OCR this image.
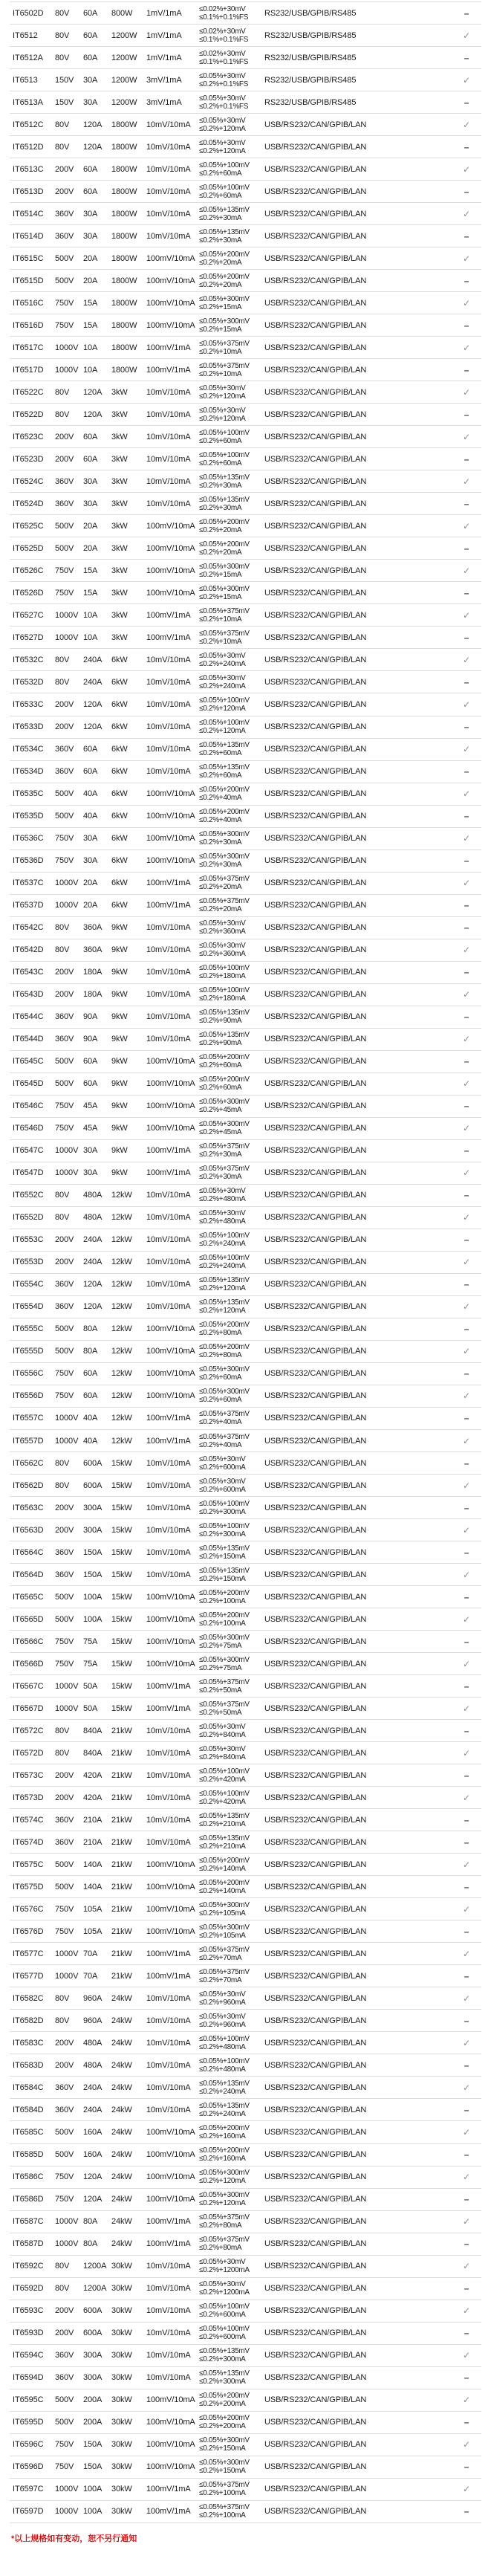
IT6502D	80V	60A	800W	1mV/1mA	≤0.02%+30mV
≤0.1%+0.1%FS	RS232/USB/GPIB/RS485	–
IT6512	80V	60A	1200W	1mV/1mA	≤0.02%+30mV
≤0.1%+0.1%FS	RS232/USB/GPIB/RS485	✓
IT6512A	80V	60A	1200W	1mV/1mA	≤0.02%+30mV
≤0.1%+0.1%FS	RS232/USB/GPIB/RS485	–
IT6513	150V	30A	1200W	3mV/1mA	≤0.05%+30mV
≤0.2%+0.1%FS	RS232/USB/GPIB/RS485	✓
IT6513A	150V	30A	1200W	3mV/1mA	≤0.05%+30mV
≤0.2%+0.1%FS	RS232/USB/GPIB/RS485	–
IT6512C	80V	120A	1800W	10mV/10mA	≤0.05%+30mV
≤0.2%+120mA	USB/RS232/CAN/GPIB/LAN	✓
IT6512D	80V	120A	1800W	10mV/10mA	≤0.05%+30mV
≤0.2%+120mA	USB/RS232/CAN/GPIB/LAN	–
IT6513C	200V	60A	1800W	10mV/10mA	≤0.05%+100mV
≤0.2%+60mA	USB/RS232/CAN/GPIB/LAN	✓
IT6513D	200V	60A	1800W	10mV/10mA	≤0.05%+100mV
≤0.2%+60mA	USB/RS232/CAN/GPIB/LAN	–
IT6514C	360V	30A	1800W	10mV/10mA	≤0.05%+135mV
≤0.2%+30mA	USB/RS232/CAN/GPIB/LAN	✓
IT6514D	360V	30A	1800W	10mV/10mA	≤0.05%+135mV
≤0.2%+30mA	USB/RS232/CAN/GPIB/LAN	–
IT6515C	500V	20A	1800W	100mV/10mA ≤0.05%+200mV
≤0.2%+20mA	USB/RS232/CAN/GPIB/LAN	✓
IT6515D	500V	20A	1800W	100mV/10mA ≤0.05%+200mV
≤0.2%+20mA	USB/RS232/CAN/GPIB/LAN	–
IT6516C	750V	15A	1800W	100mV/10mA ≤0.05%+300mV
≤0.2%+15mA	USB/RS232/CAN/GPIB/LAN	✓
IT6516D	750V	15A	1800W	100mV/10mA ≤0.05%+300mV
≤0.2%+15mA	USB/RS232/CAN/GPIB/LAN	–
IT6517C	1000V 10A	1800W	100mV/1mA	≤0.05%+375mV
≤0.2%+10mA	USB/RS232/CAN/GPIB/LAN	✓
IT6517D	1000V 10A	1800W	100mV/1mA	≤0.05%+375mV
≤0.2%+10mA	USB/RS232/CAN/GPIB/LAN	–
IT6522C	80V	120A	3kW	10mV/10mA	≤0.05%+30mV
≤0.2%+120mA	USB/RS232/CAN/GPIB/LAN	✓
IT6522D	80V	120A	3kW	10mV/10mA	≤0.05%+30mV
≤0.2%+120mA	USB/RS232/CAN/GPIB/LAN	–
IT6523C	200V	60A	3kW	10mV/10mA	≤0.05%+100mV
≤0.2%+60mA	USB/RS232/CAN/GPIB/LAN	✓
IT6523D	200V	60A	3kW	10mV/10mA	≤0.05%+100mV
≤0.2%+60mA	USB/RS232/CAN/GPIB/LAN	–
IT6524C	360V	30A	3kW	10mV/10mA	≤0.05%+135mV
≤0.2%+30mA	USB/RS232/CAN/GPIB/LAN	✓
IT6524D	360V	30A	3kW	10mV/10mA	≤0.05%+135mV
≤0.2%+30mA	USB/RS232/CAN/GPIB/LAN	–
IT6525C	500V	20A	3kW	100mV/10mA ≤0.05%+200mV
≤0.2%+20mA	USB/RS232/CAN/GPIB/LAN	✓
IT6525D	500V	20A	3kW	100mV/10mA ≤0.05%+200mV
≤0.2%+20mA	USB/RS232/CAN/GPIB/LAN	–
IT6526C	750V	15A	3kW	100mV/10mA ≤0.05%+300mV
≤0.2%+15mA	USB/RS232/CAN/GPIB/LAN	✓
IT6526D	750V	15A	3kW	100mV/10mA ≤0.05%+300mV
≤0.2%+15mA	USB/RS232/CAN/GPIB/LAN	–
IT6527C	1000V 10A	3kW	100mV/1mA	≤0.05%+375mV
≤0.2%+10mA	USB/RS232/CAN/GPIB/LAN	✓
IT6527D	1000V 10A	3kW	100mV/1mA	≤0.05%+375mV
≤0.2%+10mA	USB/RS232/CAN/GPIB/LAN	–
IT6532C	80V	240A	6kW	10mV/10mA	≤0.05%+30mV
≤0.2%+240mA	USB/RS232/CAN/GPIB/LAN	✓
IT6532D	80V	240A	6kW	10mV/10mA	≤0.05%+30mV
≤0.2%+240mA	USB/RS232/CAN/GPIB/LAN	–
IT6533C	200V	120A	6kW	10mV/10mA	≤0.05%+100mV
≤0.2%+120mA	USB/RS232/CAN/GPIB/LAN	✓
IT6533D	200V	120A	6kW	10mV/10mA	≤0.05%+100mV
≤0.2%+120mA	USB/RS232/CAN/GPIB/LAN	–
IT6534C	360V	60A	6kW	10mV/10mA	≤0.05%+135mV
≤0.2%+60mA	USB/RS232/CAN/GPIB/LAN	✓
IT6534D	360V	60A	6kW	10mV/10mA	≤0.05%+135mV
≤0.2%+60mA	USB/RS232/CAN/GPIB/LAN	–
IT6535C	500V	40A	6kW	100mV/10mA ≤0.05%+200mV
≤0.2%+40mA	USB/RS232/CAN/GPIB/LAN	✓
IT6535D	500V	40A	6kW	100mV/10mA ≤0.05%+200mV
≤0.2%+40mA	USB/RS232/CAN/GPIB/LAN	–
IT6536C	750V	30A	6kW	100mV/10mA ≤0.05%+300mV
≤0.2%+30mA	USB/RS232/CAN/GPIB/LAN	✓
IT6536D	750V	30A	6kW	100mV/10mA ≤0.05%+300mV
≤0.2%+30mA	USB/RS232/CAN/GPIB/LAN	–
IT6537C	1000V 20A	6kW	100mV/1mA	≤0.05%+375mV
≤0.2%+20mA	USB/RS232/CAN/GPIB/LAN	✓
IT6537D	1000V 20A	6kW	100mV/1mA	≤0.05%+375mV
≤0.2%+20mA	USB/RS232/CAN/GPIB/LAN	–
IT6542C	80V	360A	9kW	10mV/10mA	≤0.05%+30mV
≤0.2%+360mA	USB/RS232/CAN/GPIB/LAN	–
IT6542D	80V	360A	9kW	10mV/10mA	≤0.05%+30mV
≤0.2%+360mA	USB/RS232/CAN/GPIB/LAN	✓
IT6543C	200V	180A	9kW	10mV/10mA	≤0.05%+100mV
≤0.2%+180mA	USB/RS232/CAN/GPIB/LAN	–
IT6543D	200V	180A	9kW	10mV/10mA	≤0.05%+100mV
≤0.2%+180mA	USB/RS232/CAN/GPIB/LAN	✓
IT6544C	360V	90A	9kW	10mV/10mA	≤0.05%+135mV
≤0.2%+90mA	USB/RS232/CAN/GPIB/LAN	–
IT6544D	360V	90A	9kW	10mV/10mA	≤0.05%+135mV
≤0.2%+90mA	USB/RS232/CAN/GPIB/LAN	✓
IT6545C	500V	60A	9kW	100mV/10mA ≤0.05%+200mV
≤0.2%+60mA	USB/RS232/CAN/GPIB/LAN	–
IT6545D	500V	60A	9kW	100mV/10mA ≤0.05%+200mV
≤0.2%+60mA	USB/RS232/CAN/GPIB/LAN	✓
IT6546C	750V	45A	9kW	100mV/10mA ≤0.05%+300mV
≤0.2%+45mA	USB/RS232/CAN/GPIB/LAN	–
IT6546D	750V	45A	9kW	100mV/10mA ≤0.05%+300mV
≤0.2%+45mA	USB/RS232/CAN/GPIB/LAN	✓
IT6547C	1000V 30A	9kW	100mV/1mA	≤0.05%+375mV
≤0.2%+30mA	USB/RS232/CAN/GPIB/LAN	–
IT6547D	1000V 30A	9kW	100mV/1mA	≤0.05%+375mV
≤0.2%+30mA	USB/RS232/CAN/GPIB/LAN	✓
IT6552C	80V	480A	12kW	10mV/10mA	≤0.05%+30mV
≤0.2%+480mA	USB/RS232/CAN/GPIB/LAN	–
IT6552D	80V	480A	12kW	10mV/10mA	≤0.05%+30mV
≤0.2%+480mA	USB/RS232/CAN/GPIB/LAN	✓
IT6553C	200V	240A	12kW	10mV/10mA	≤0.05%+100mV
≤0.2%+240mA	USB/RS232/CAN/GPIB/LAN	–
IT6553D	200V	240A	12kW	10mV/10mA	≤0.05%+100mV
≤0.2%+240mA	USB/RS232/CAN/GPIB/LAN	✓
IT6554C	360V	120A	12kW	10mV/10mA	≤0.05%+135mV
≤0.2%+120mA	USB/RS232/CAN/GPIB/LAN	–
IT6554D	360V	120A	12kW	10mV/10mA	≤0.05%+135mV
≤0.2%+120mA	USB/RS232/CAN/GPIB/LAN	✓
IT6555C	500V	80A	12kW	100mV/10mA ≤0.05%+200mV
≤0.2%+80mA	USB/RS232/CAN/GPIB/LAN	–
IT6555D	500V	80A	12kW	100mV/10mA ≤0.05%+200mV
≤0.2%+80mA	USB/RS232/CAN/GPIB/LAN	✓
IT6556C	750V	60A	12kW	100mV/10mA ≤0.05%+300mV
≤0.2%+60mA	USB/RS232/CAN/GPIB/LAN	–
IT6556D	750V	60A	12kW	100mV/10mA ≤0.05%+300mV
≤0.2%+60mA	USB/RS232/CAN/GPIB/LAN	✓
IT6557C	1000V 40A	12kW	100mV/1mA	≤0.05%+375mV
≤0.2%+40mA	USB/RS232/CAN/GPIB/LAN	–
IT6557D	1000V 40A	12kW	100mV/1mA	≤0.05%+375mV
≤0.2%+40mA	USB/RS232/CAN/GPIB/LAN	✓
IT6562C	80V	600A	15kW	10mV/10mA	≤0.05%+30mV
≤0.2%+600mA	USB/RS232/CAN/GPIB/LAN	–
IT6562D	80V	600A	15kW	10mV/10mA	≤0.05%+30mV
≤0.2%+600mA	USB/RS232/CAN/GPIB/LAN	✓
IT6563C	200V	300A	15kW	10mV/10mA	≤0.05%+100mV
≤0.2%+300mA	USB/RS232/CAN/GPIB/LAN	–
IT6563D	200V	300A	15kW	10mV/10mA	≤0.05%+100mV
≤0.2%+300mA	USB/RS232/CAN/GPIB/LAN	✓
IT6564C	360V	150A	15kW	10mV/10mA	≤0.05%+135mV
≤0.2%+150mA	USB/RS232/CAN/GPIB/LAN	–
IT6564D	360V	150A	15kW	10mV/10mA	≤0.05%+135mV
≤0.2%+150mA	USB/RS232/CAN/GPIB/LAN	✓
IT6565C	500V	100A	15kW	100mV/10mA ≤0.05%+200mV
≤0.2%+100mA	USB/RS232/CAN/GPIB/LAN	–
IT6565D	500V	100A	15kW	100mV/10mA ≤0.05%+200mV
≤0.2%+100mA	USB/RS232/CAN/GPIB/LAN	✓
IT6566C	750V	75A	15kW	100mV/10mA ≤0.05%+300mV
≤0.2%+75mA	USB/RS232/CAN/GPIB/LAN	–
IT6566D	750V	75A	15kW	100mV/10mA ≤0.05%+300mV
≤0.2%+75mA	USB/RS232/CAN/GPIB/LAN	✓
IT6567C	1000V 50A	15kW	100mV/1mA	≤0.05%+375mV
≤0.2%+50mA	USB/RS232/CAN/GPIB/LAN	–
IT6567D	1000V 50A	15kW	100mV/1mA	≤0.05%+375mV
≤0.2%+50mA	USB/RS232/CAN/GPIB/LAN	✓
IT6572C	80V	840A	21kW	10mV/10mA	≤0.05%+30mV
≤0.2%+840mA	USB/RS232/CAN/GPIB/LAN	–
IT6572D	80V	840A	21kW	10mV/10mA	≤0.05%+30mV
≤0.2%+840mA	USB/RS232/CAN/GPIB/LAN	✓
IT6573C	200V	420A	21kW	10mV/10mA	≤0.05%+100mV
≤0.2%+420mA	USB/RS232/CAN/GPIB/LAN	–
IT6573D	200V	420A	21kW	10mV/10mA	≤0.05%+100mV
≤0.2%+420mA	USB/RS232/CAN/GPIB/LAN	✓
IT6574C	360V	210A	21kW	10mV/10mA	≤0.05%+135mV
≤0.2%+210mA	USB/RS232/CAN/GPIB/LAN	–
IT6574D	360V	210A	21kW	10mV/10mA	≤0.05%+135mV
≤0.2%+210mA	USB/RS232/CAN/GPIB/LAN	–
IT6575C	500V	140A	21kW	100mV/10mA ≤0.05%+200mV
≤0.2%+140mA	USB/RS232/CAN/GPIB/LAN	✓
IT6575D	500V	140A	21kW	100mV/10mA ≤0.05%+200mV
≤0.2%+140mA	USB/RS232/CAN/GPIB/LAN	–
IT6576C	750V	105A	21kW	100mV/10mA ≤0.05%+300mV
≤0.2%+105mA	USB/RS232/CAN/GPIB/LAN	✓
IT6576D	750V	105A	21kW	100mV/10mA ≤0.05%+300mV
≤0.2%+105mA	USB/RS232/CAN/GPIB/LAN	–
IT6577C	1000V 70A	21kW	100mV/1mA	≤0.05%+375mV
≤0.2%+70mA	USB/RS232/CAN/GPIB/LAN	✓
IT6577D	1000V 70A	21kW	100mV/1mA	≤0.05%+375mV
≤0.2%+70mA	USB/RS232/CAN/GPIB/LAN	–
IT6582C	80V	960A	24kW	10mV/10mA	≤0.05%+30mV
≤0.2%+960mA	USB/RS232/CAN/GPIB/LAN	✓
IT6582D	80V	960A	24kW	10mV/10mA	≤0.05%+30mV
≤0.2%+960mA	USB/RS232/CAN/GPIB/LAN	–
IT6583C	200V	480A	24kW	10mV/10mA	≤0.05%+100mV
≤0.2%+480mA	USB/RS232/CAN/GPIB/LAN	✓
IT6583D	200V	480A	24kW	10mV/10mA	≤0.05%+100mV
≤0.2%+480mA	USB/RS232/CAN/GPIB/LAN	–
IT6584C	360V	240A	24kW	10mV/10mA	≤0.05%+135mV
≤0.2%+240mA	USB/RS232/CAN/GPIB/LAN	✓
IT6584D	360V	240A	24kW	10mV/10mA	≤0.05%+135mV
≤0.2%+240mA	USB/RS232/CAN/GPIB/LAN	–
IT6585C	500V	160A	24kW	100mV/10mA ≤0.05%+200mV
≤0.2%+160mA	USB/RS232/CAN/GPIB/LAN	✓
IT6585D	500V	160A	24kW	100mV/10mA ≤0.05%+200mV
≤0.2%+160mA	USB/RS232/CAN/GPIB/LAN	–
IT6586C	750V	120A	24kW	100mV/10mA ≤0.05%+300mV
≤0.2%+120mA	USB/RS232/CAN/GPIB/LAN	✓
IT6586D	750V	120A	24kW	100mV/10mA ≤0.05%+300mV
≤0.2%+120mA	USB/RS232/CAN/GPIB/LAN	–
IT6587C	1000V 80A	24kW	100mV/1mA	≤0.05%+375mV
≤0.2%+80mA	USB/RS232/CAN/GPIB/LAN	✓
IT6587D	1000V 80A	24kW	100mV/1mA	≤0.05%+375mV
≤0.2%+80mA	USB/RS232/CAN/GPIB/LAN	–
IT6592C	80V	1200A 30kW	10mV/10mA	≤0.05%+30mV
≤0.2%+1200mA	USB/RS232/CAN/GPIB/LAN	✓
IT6592D	80V	1200A 30kW	10mV/10mA	≤0.05%+30mV
≤0.2%+1200mA	USB/RS232/CAN/GPIB/LAN	–
IT6593C	200V	600A	30kW	10mV/10mA	≤0.05%+100mV
≤0.2%+600mA	USB/RS232/CAN/GPIB/LAN	✓
IT6593D	200V	600A	30kW	10mV/10mA	≤0.05%+100mV
≤0.2%+600mA	USB/RS232/CAN/GPIB/LAN	–
IT6594C	360V	300A	30kW	10mV/10mA	≤0.05%+135mV
≤0.2%+300mA	USB/RS232/CAN/GPIB/LAN	✓
IT6594D	360V	300A	30kW	10mV/10mA	≤0.05%+135mV
≤0.2%+300mA	USB/RS232/CAN/GPIB/LAN	–
IT6595C	500V	200A	30kW	100mV/10mA ≤0.05%+200mV
≤0.2%+200mA	USB/RS232/CAN/GPIB/LAN	✓
IT6595D	500V	200A	30kW	100mV/10mA ≤0.05%+200mV
≤0.2%+200mA	USB/RS232/CAN/GPIB/LAN	–
IT6596C	750V	150A	30kW	100mV/10mA ≤0.05%+300mV
≤0.2%+150mA	USB/RS232/CAN/GPIB/LAN	✓
IT6596D	750V	150A	30kW	100mV/10mA ≤0.05%+300mV
≤0.2%+150mA	USB/RS232/CAN/GPIB/LAN	–
IT6597C	1000V 100A	30kW	100mV/1mA	≤0.05%+375mV
≤0.2%+100mA	USB/RS232/CAN/GPIB/LAN	✓
IT6597D	1000V 100A	30kW	100mV/1mA	≤0.05%+375mV
≤0.2%+100mA	USB/RS232/CAN/GPIB/LAN	–
*以上规格如有变动，恕不另行通知
